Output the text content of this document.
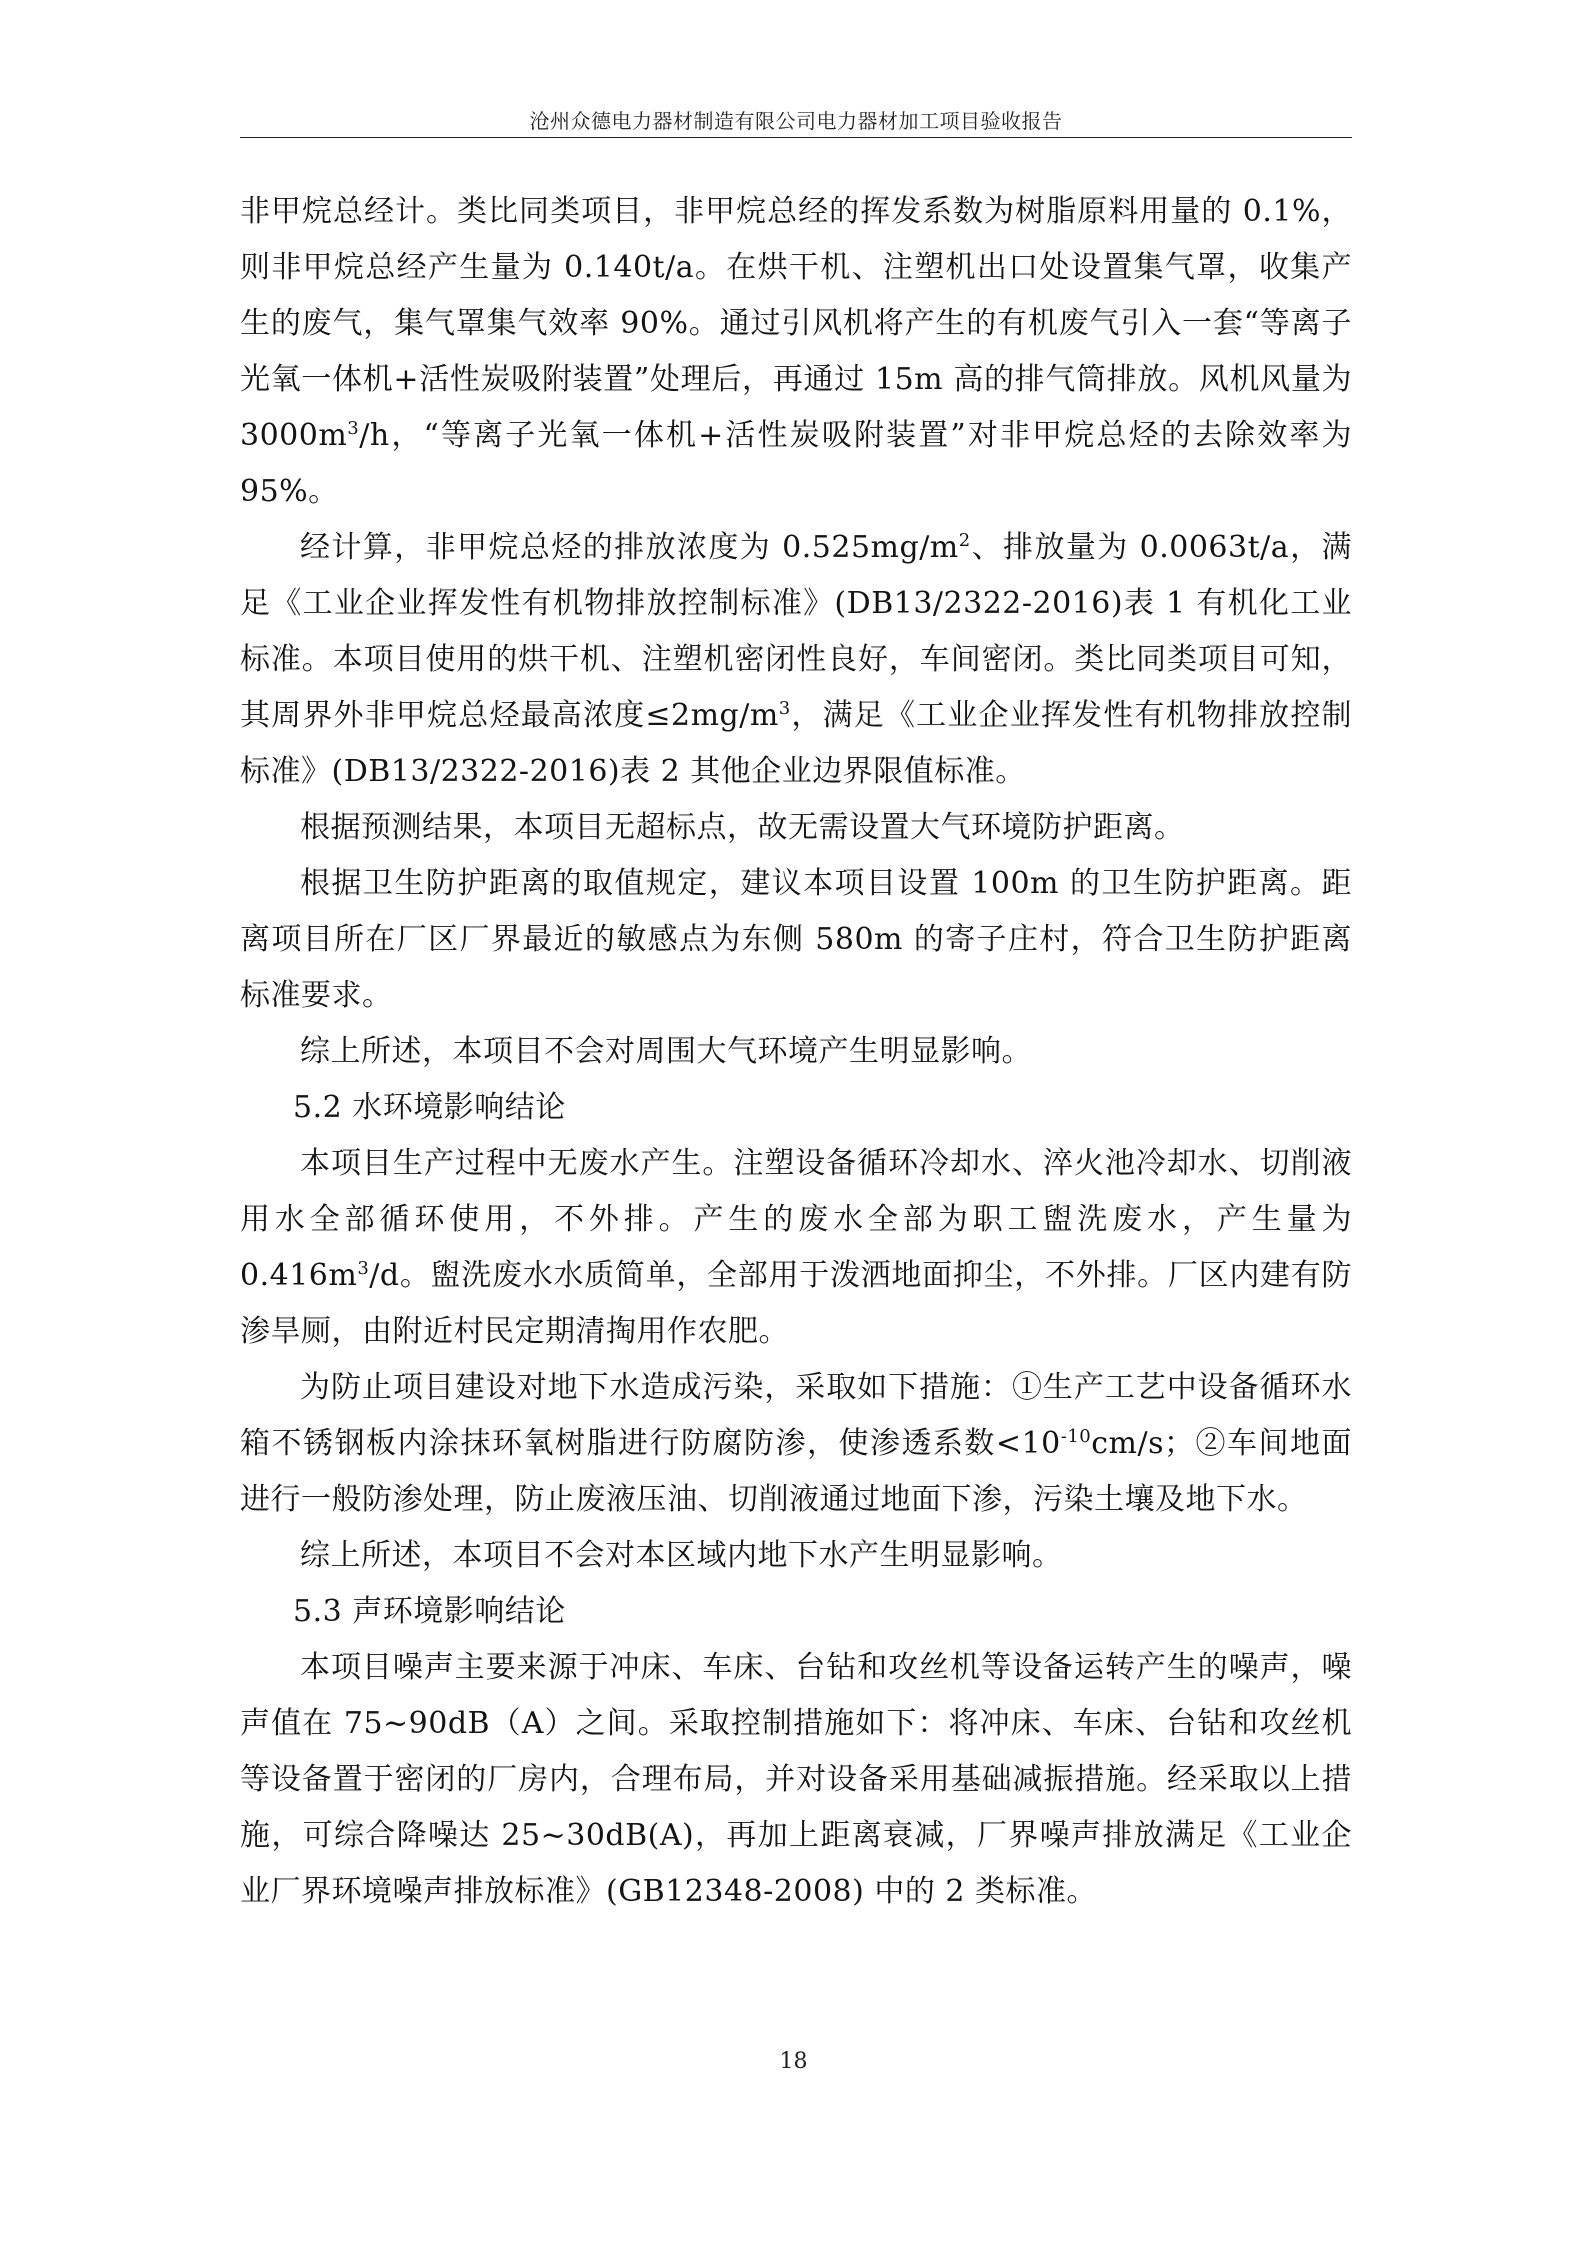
沧州众德电力器材制造有限公司电力器材加工项目验收报告

非甲烷总经计。类比同类项目，非甲烷总经的挥发系数为树脂原料用量的 0.1%，则非甲烷总经产生量为 0.140t/a。在烘干机、注塑机出口处设置集气罩，收集产生的废气，集气罩集气效率 90%。通过引风机将产生的有机废气引入一套“等离子光氧一体机+活性炭吸附装置”处理后，再通过 15m 高的排气筒排放。风机风量为 $3000m^3/h$，“等离子光氧一体机+活性炭吸附装置”对非甲烷总烃的去除效率为 95%。

经计算，非甲烷总烃的排放浓度为 $0.525mg/m^2$、排放量为 0.0063t/a，满足《工业企业挥发性有机物排放控制标准》(DB13/2322-2016)表 1 有机化工业标准。本项目使用的烘干机、注塑机密闭性良好，车间密闭。类比同类项目可知，其周界外非甲烷总烃最高浓度$\le 2mg/m^3$，满足《工业企业挥发性有机物排放控制标准》(DB13/2322-2016)表 2 其他企业边界限值标准。

根据预测结果，本项目无超标点，故无需设置大气环境防护距离。

根据卫生防护距离的取值规定，建议本项目设置 100m 的卫生防护距离。距离项目所在厂区厂界最近的敏感点为东侧 580m 的寄子庄村，符合卫生防护距离标准要求。

综上所述，本项目不会对周围大气环境产生明显影响。

5.2 水环境影响结论

本项目生产过程中无废水产生。注塑设备循环冷却水、淬火池冷却水、切削液用水全部循环使用，不外排。产生的废水全部为职工盥洗废水，产生量为 $0.416m^3/d$。盥洗废水水质简单，全部用于泼洒地面抑尘，不外排。厂区内建有防渗旱厕，由附近村民定期清掏用作农肥。

为防止项目建设对地下水造成污染，采取如下措施：①生产工艺中设备循环水箱不锈钢板内涂抹环氧树脂进行防腐防渗，使渗透系数$<10^{-10}cm/s$；②车间地面进行一般防渗处理，防止废液压油、切削液通过地面下渗，污染土壤及地下水。

综上所述，本项目不会对本区域内地下水产生明显影响。

5.3 声环境影响结论

本项目噪声主要来源于冲床、车床、台钻和攻丝机等设备运转产生的噪声，噪声值在 75~90dB（A）之间。采取控制措施如下：将冲床、车床、台钻和攻丝机等设备置于密闭的厂房内，合理布局，并对设备采用基础减振措施。经采取以上措施，可综合降噪达 25~30dB(A)，再加上距离衰减，厂界噪声排放满足《工业企业厂界环境噪声排放标准》(GB12348-2008) 中的 2 类标准。

18
